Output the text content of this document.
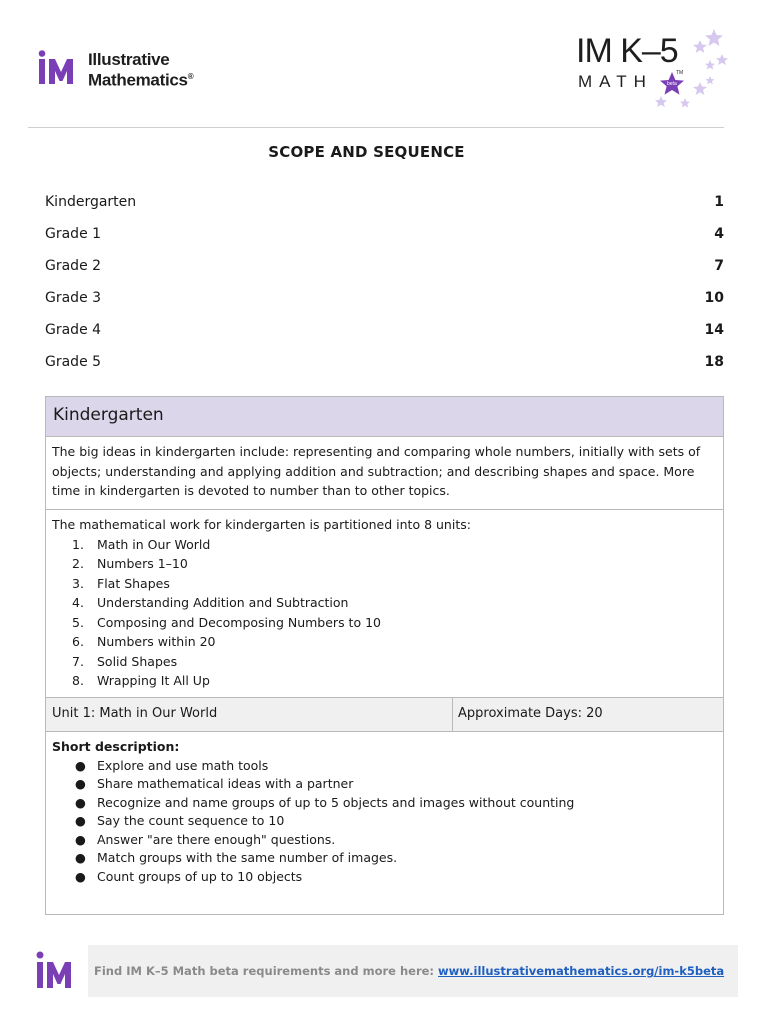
Illustrative
Mathematics®
IM K–5
MATH	TM
beta
SCOPE AND SEQUENCE
Kindergarten	1
Grade 1	4
Grade 2	7
Grade 3	10
Grade 4	14
Grade 5	18
Kindergarten
The big ideas in kindergarten include: representing and comparing whole numbers, initially with sets of objects; understanding and applying addition and subtraction; and describing shapes and space. More time in kindergarten is devoted to number than to other topics.
The mathematical work for kindergarten is partitioned into 8 units:
1. Math in Our World
2. Numbers 1–10
3. Flat Shapes
4. Understanding Addition and Subtraction
5. Composing and Decomposing Numbers to 10
6. Numbers within 20
7. Solid Shapes
8. Wrapping It All Up
Unit 1: Math in Our World	Approximate Days: 20
Short description:
● Explore and use math tools
● Share mathematical ideas with a partner
● Recognize and name groups of up to 5 objects and images without counting
● Say the count sequence to 10
● Answer "are there enough" questions.
● Match groups with the same number of images.
● Count groups of up to 10 objects
Find IM K–5 Math beta requirements and more here: www.illustrativemathematics.org/im-k5beta
